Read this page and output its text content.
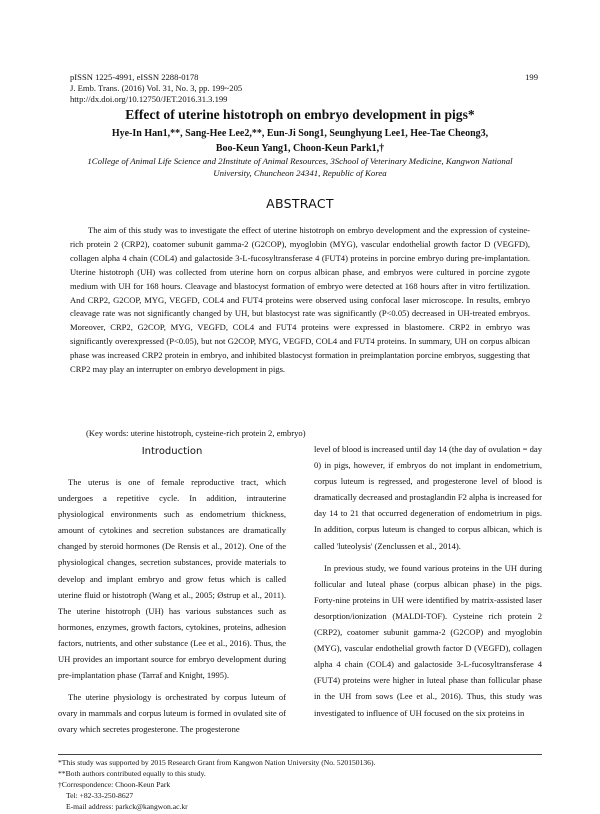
pISSN 1225-4991, eISSN 2288-0178
J. Emb. Trans. (2016) Vol. 31, No. 3, pp. 199~205
http://dx.doi.org/10.12750/JET.2016.31.3.199
199
Effect of uterine histotroph on embryo development in pigs*
Hye-In Han1,**, Sang-Hee Lee2,**, Eun-Ji Song1, Seunghyung Lee1, Hee-Tae Cheong3,
Boo-Keun Yang1, Choon-Keun Park1,†
1College of Animal Life Science and 2Institute of Animal Resources, 3School of Veterinary Medicine, Kangwon National
University, Chuncheon 24341, Republic of Korea
ABSTRACT
The aim of this study was to investigate the effect of uterine histotroph on embryo development and the expression of cysteine-rich protein 2 (CRP2), coatomer subunit gamma-2 (G2COP), myoglobin (MYG), vascular endothelial growth factor D (VEGFD), collagen alpha 4 chain (COL4) and galactoside 3-L-fucosyltransferase 4 (FUT4) proteins in porcine embryo during pre-implantation. Uterine histotroph (UH) was collected from uterine horn on corpus albican phase, and embryos were cultured in porcine zygote medium with UH for 168 hours. Cleavage and blastocyst formation of embryo were detected at 168 hours after in vitro fertilization. And CRP2, G2COP, MYG, VEGFD, COL4 and FUT4 proteins were observed using confocal laser microscope. In results, embryo cleavage rate was not significantly changed by UH, but blastocyst rate was significantly (P<0.05) decreased in UH-treated embryos. Moreover, CRP2, G2COP, MYG, VEGFD, COL4 and FUT4 proteins were expressed in blastomere. CRP2 in embryo was significantly overexpressed (P<0.05), but not G2COP, MYG, VEGFD, COL4 and FUT4 proteins. In summary, UH on corpus albican phase was increased CRP2 protein in embryo, and inhibited blastocyst formation in preimplantation porcine embryos, suggesting that CRP2 may play an interrupter on embryo development in pigs.
(Key words: uterine histotroph, cysteine-rich protein 2, embryo)
Introduction

The uterus is one of female reproductive tract, which undergoes a repetitive cycle. In addition, intrauterine physiological environments such as endometrium thickness, amount of cytokines and secretion substances are dramatically changed by steroid hormones (De Rensis et al., 2012). One of the physiological changes, secretion substances, provide materials to develop and implant embryo and grow fetus which is called uterine fluid or histotroph (Wang et al., 2005; Østrup et al., 2011). The uterine histotroph (UH) has various substances such as hormones, enzymes, growth factors, cytokines, proteins, adhesion factors, nutrients, and other substance (Lee et al., 2016). Thus, the UH provides an important source for embryo development during pre-implantation phase (Tarraf and Knight, 1995).

The uterine physiology is orchestrated by corpus luteum of ovary in mammals and corpus luteum is formed in ovulated site of ovary which secretes progesterone. The progesterone

level of blood is increased until day 14 (the day of ovulation = day 0) in pigs, however, if embryos do not implant in endometrium, corpus luteum is regressed, and progesterone level of blood is dramatically decreased and prostaglandin F2 alpha is increased for day 14 to 21 that occurred degeneration of endometrium in pigs. In addition, corpus luteum is changed to corpus albican, which is called 'luteolysis' (Zenclussen et al., 2014).

In previous study, we found various proteins in the UH during follicular and luteal phase (corpus albican phase) in the pigs. Forty-nine proteins in UH were identified by matrix-assisted laser desorption/ionization (MALDI-TOF). Cysteine rich protein 2 (CRP2), coatomer subunit gamma-2 (G2COP) and myoglobin (MYG), vascular endothelial growth factor D (VEGFD), collagen alpha 4 chain (COL4) and galactoside 3-L-fucosyltransferase 4 (FUT4) proteins were higher in luteal phase than follicular phase in the UH from sows (Lee et al., 2016). Thus, this study was investigated to influence of UH focused on the six proteins in

*This study was supported by 2015 Research Grant from Kangwon Nation University (No. 520150136).
**Both authors contributed equally to this study.
†Correspondence: Choon-Keun Park
Tel: +82-33-250-8627
E-mail address: parkck@kangwon.ac.kr
